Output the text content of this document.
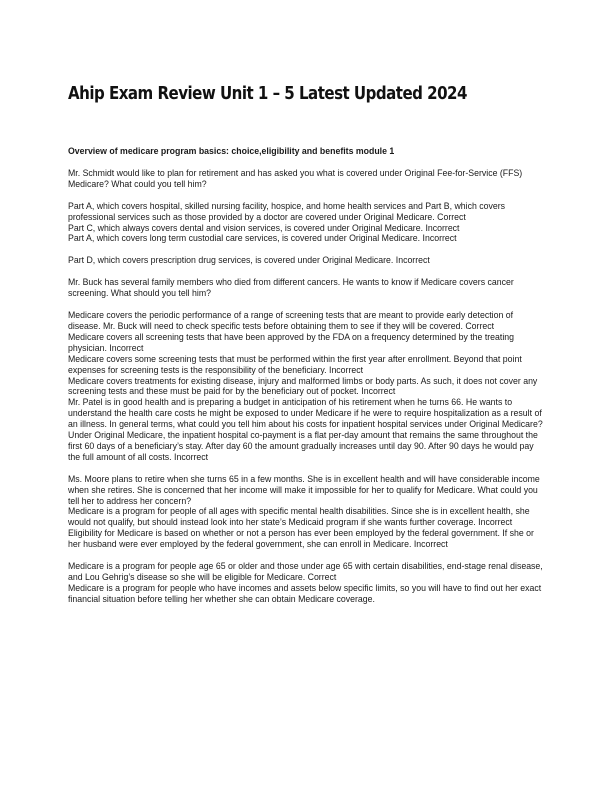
Ahip Exam Review Unit 1 – 5 Latest Updated 2024

Overview of medicare program basics: choice,eligibility and benefits module 1

Mr. Schmidt would like to plan for retirement and has asked you what is covered under Original Fee-for-Service (FFS) Medicare? What could you tell him?

Part A, which covers hospital, skilled nursing facility, hospice, and home health services and Part B, which covers professional services such as those provided by a doctor are covered under Original Medicare. Correct

Part C, which always covers dental and vision services, is covered under Original Medicare. Incorrect

Part A, which covers long term custodial care services, is covered under Original Medicare. Incorrect

Part D, which covers prescription drug services, is covered under Original Medicare. Incorrect

Mr. Buck has several family members who died from different cancers. He wants to know if Medicare covers cancer screening. What should you tell him?

Medicare covers the periodic performance of a range of screening tests that are meant to provide early detection of disease. Mr. Buck will need to check specific tests before obtaining them to see if they will be covered. Correct

Medicare covers all screening tests that have been approved by the FDA on a frequency determined by the treating physician. Incorrect

Medicare covers some screening tests that must be performed within the first year after enrollment. Beyond that point expenses for screening tests is the responsibility of the beneficiary. Incorrect

Medicare covers treatments for existing disease, injury and malformed limbs or body parts. As such, it does not cover any screening tests and these must be paid for by the beneficiary out of pocket. Incorrect

Mr. Patel is in good health and is preparing a budget in anticipation of his retirement when he turns 66. He wants to understand the health care costs he might be exposed to under Medicare if he were to require hospitalization as a result of an illness. In general terms, what could you tell him about his costs for inpatient hospital services under Original Medicare?

Under Original Medicare, the inpatient hospital co-payment is a flat per-day amount that remains the same throughout the first 60 days of a beneficiary’s stay. After day 60 the amount gradually increases until day 90. After 90 days he would pay the full amount of all costs. Incorrect

Ms. Moore plans to retire when she turns 65 in a few months. She is in excellent health and will have considerable income when she retires. She is concerned that her income will make it impossible for her to qualify for Medicare. What could you tell her to address her concern?

Medicare is a program for people of all ages with specific mental health disabilities. Since she is in excellent health, she would not qualify, but should instead look into her state’s Medicaid program if she wants further coverage. Incorrect

Eligibility for Medicare is based on whether or not a person has ever been employed by the federal government. If she or her husband were ever employed by the federal government, she can enroll in Medicare. Incorrect

Medicare is a program for people age 65 or older and those under age 65 with certain disabilities, end-stage renal disease, and Lou Gehrig’s disease so she will be eligible for Medicare. Correct

Medicare is a program for people who have incomes and assets below specific limits, so you will have to find out her exact financial situation before telling her whether she can obtain Medicare coverage.
